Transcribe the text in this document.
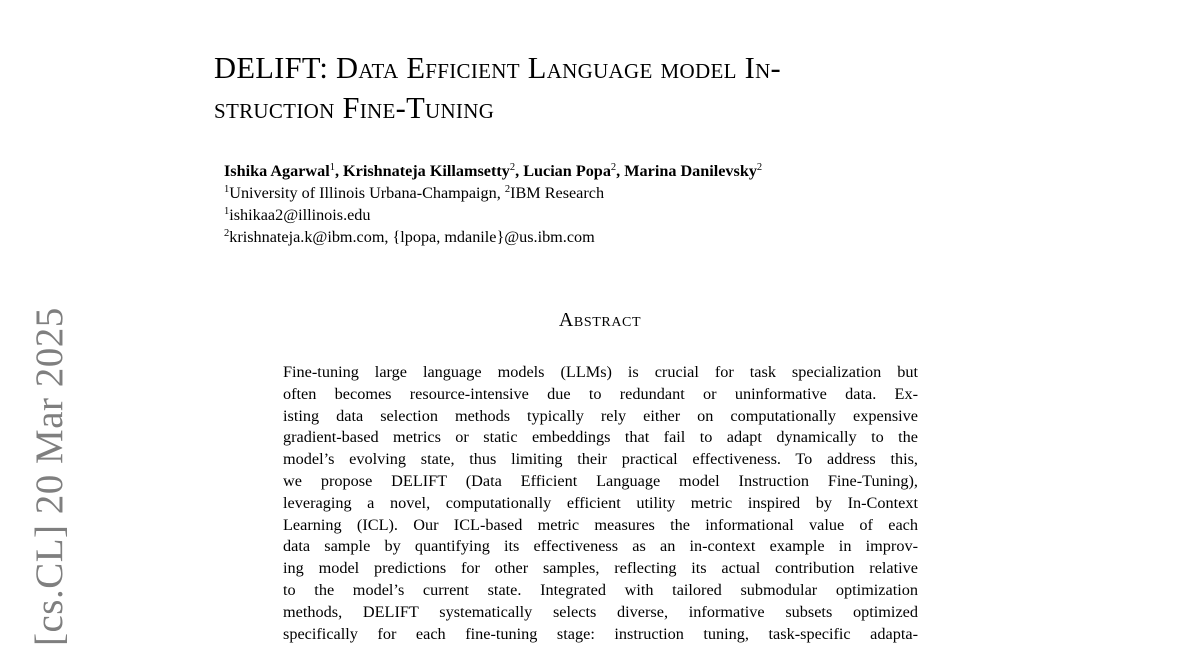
DELIFT: Data Efficient Language model In-
struction Fine-Tuning
Ishika Agarwal$^1$, Krishnateja Killamsetty$^2$, Lucian Popa$^2$, Marina Danilevsky$^2$
$^1$University of Illinois Urbana-Champaign, $^2$IBM Research
$^1$ishikaa2@illinois.edu
$^2$krishnateja.k@ibm.com, {lpopa, mdanile}@us.ibm.com
Abstract
Fine-tuning large language models (LLMs) is crucial for task specialization but
often becomes resource-intensive due to redundant or uninformative data. Ex-
isting data selection methods typically rely either on computationally expensive
gradient-based metrics or static embeddings that fail to adapt dynamically to the
model’s evolving state, thus limiting their practical effectiveness. To address this,
we propose DELIFT (Data Efficient Language model Instruction Fine-Tuning),
leveraging a novel, computationally efficient utility metric inspired by In-Context
Learning (ICL). Our ICL-based metric measures the informational value of each
data sample by quantifying its effectiveness as an in-context example in improv-
ing model predictions for other samples, reflecting its actual contribution relative
to the model’s current state. Integrated with tailored submodular optimization
methods, DELIFT systematically selects diverse, informative subsets optimized
specifically for each fine-tuning stage: instruction tuning, task-specific adapta-
[cs.CL] 20 Mar 2025
